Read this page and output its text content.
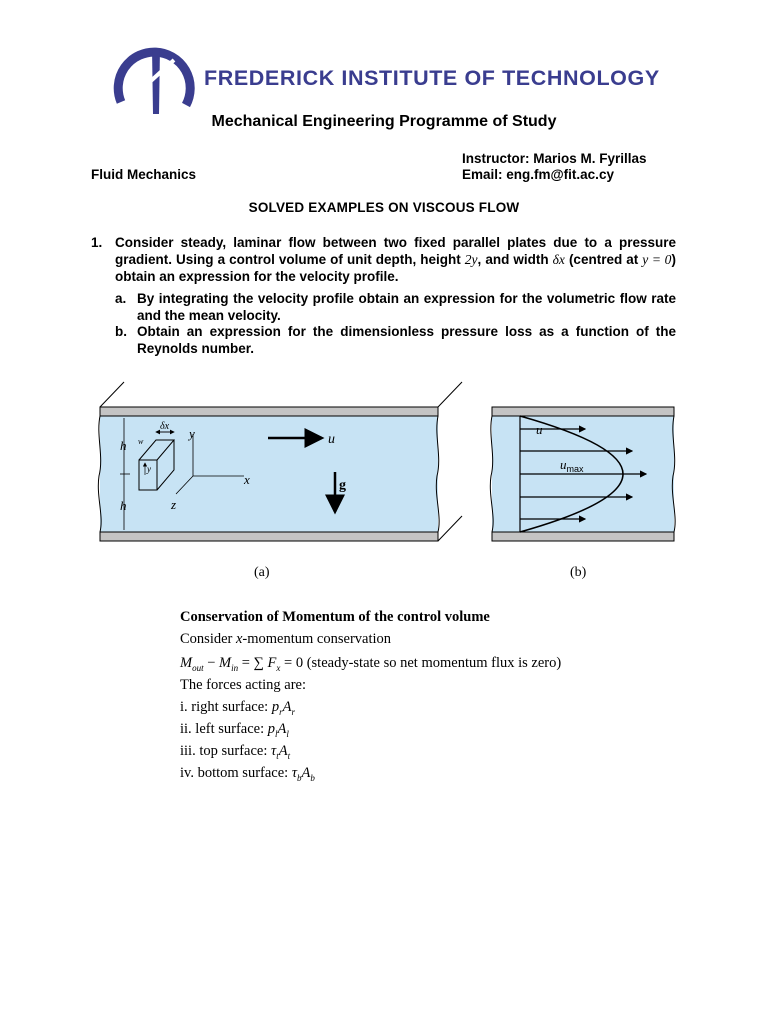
FREDERICK INSTITUTE OF TECHNOLOGY
Mechanical Engineering Programme of Study
Instructor: Marios M. Fyrillas
Fluid Mechanics	Email: eng.fm@fit.ac.cy
SOLVED EXAMPLES ON VISCOUS FLOW
1. Consider steady, laminar flow between two fixed parallel plates due to a pressure gradient. Using a control volume of unit depth, height 2y, and width δx (centred at y = 0) obtain an expression for the velocity profile.
a. By integrating the velocity profile obtain an expression for the volumetric flow rate and the mean velocity.
b. Obtain an expression for the dimensionless pressure loss as a function of the Reynolds number.
h
h
δx
w
y
y
x
z
u
g
(a)
u
$u_{max}$
(b)
Conservation of Momentum of the control volume
Consider x-momentum conservation
$M_{out} - M_{in}$ = ∑ $F_x = 0$ (steady-state so net momentum flux is zero)
The forces acting are:
i. right surface: $p_rA_r$
ii. left surface: $p_lA_l$
iii. top surface: $\tau_tA_t$
iv. bottom surface: $\tau_bA_b$
